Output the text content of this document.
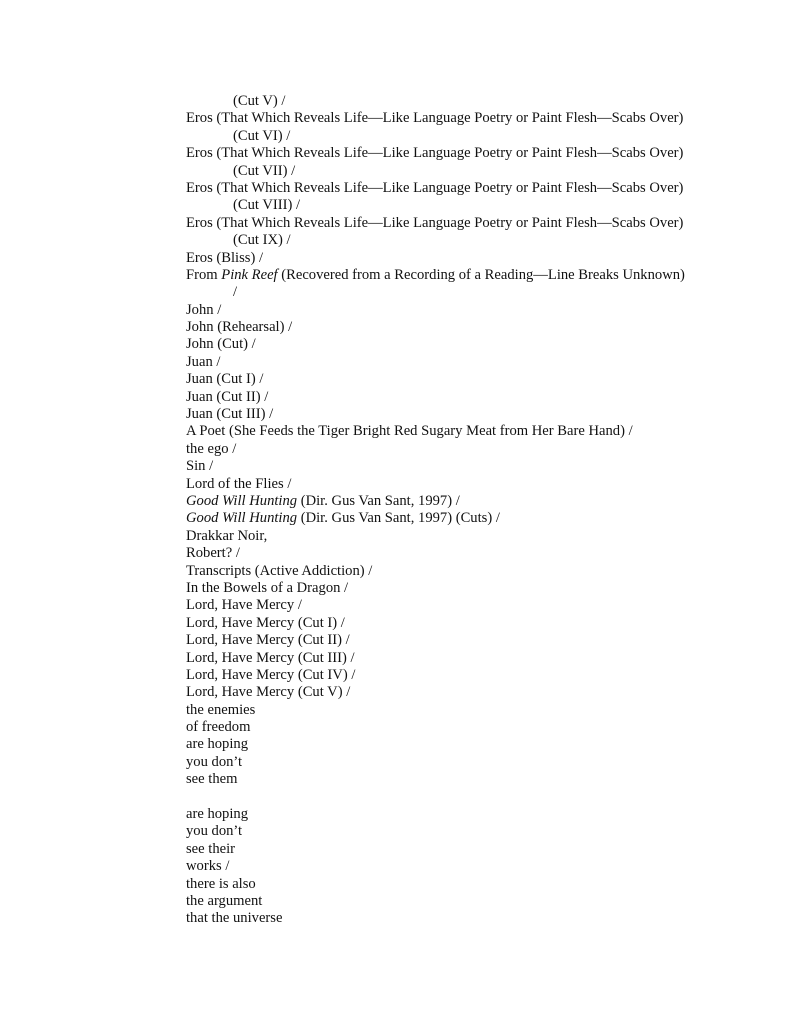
(Cut V) /
Eros (That Which Reveals Life—Like Language Poetry or Paint Flesh—Scabs Over)
(Cut VI) /
Eros (That Which Reveals Life—Like Language Poetry or Paint Flesh—Scabs Over)
(Cut VII) /
Eros (That Which Reveals Life—Like Language Poetry or Paint Flesh—Scabs Over)
(Cut VIII) /
Eros (That Which Reveals Life—Like Language Poetry or Paint Flesh—Scabs Over)
(Cut IX) /
Eros (Bliss) /
From Pink Reef (Recovered from a Recording of a Reading—Line Breaks Unknown)
/
John /
John (Rehearsal) /
John (Cut) /
Juan /
Juan (Cut I) /
Juan (Cut II) /
Juan (Cut III) /
A Poet (She Feeds the Tiger Bright Red Sugary Meat from Her Bare Hand) /
the ego /
Sin /
Lord of the Flies /
Good Will Hunting (Dir. Gus Van Sant, 1997) /
Good Will Hunting (Dir. Gus Van Sant, 1997) (Cuts) /
Drakkar Noir,
Robert? /
Transcripts (Active Addiction) /
In the Bowels of a Dragon /
Lord, Have Mercy /
Lord, Have Mercy (Cut I) /
Lord, Have Mercy (Cut II) /
Lord, Have Mercy (Cut III) /
Lord, Have Mercy (Cut IV) /
Lord, Have Mercy (Cut V) /
the enemies
of freedom
are hoping
you don’t
see them
are hoping
you don’t
see their
works /
there is also
the argument
that the universe
